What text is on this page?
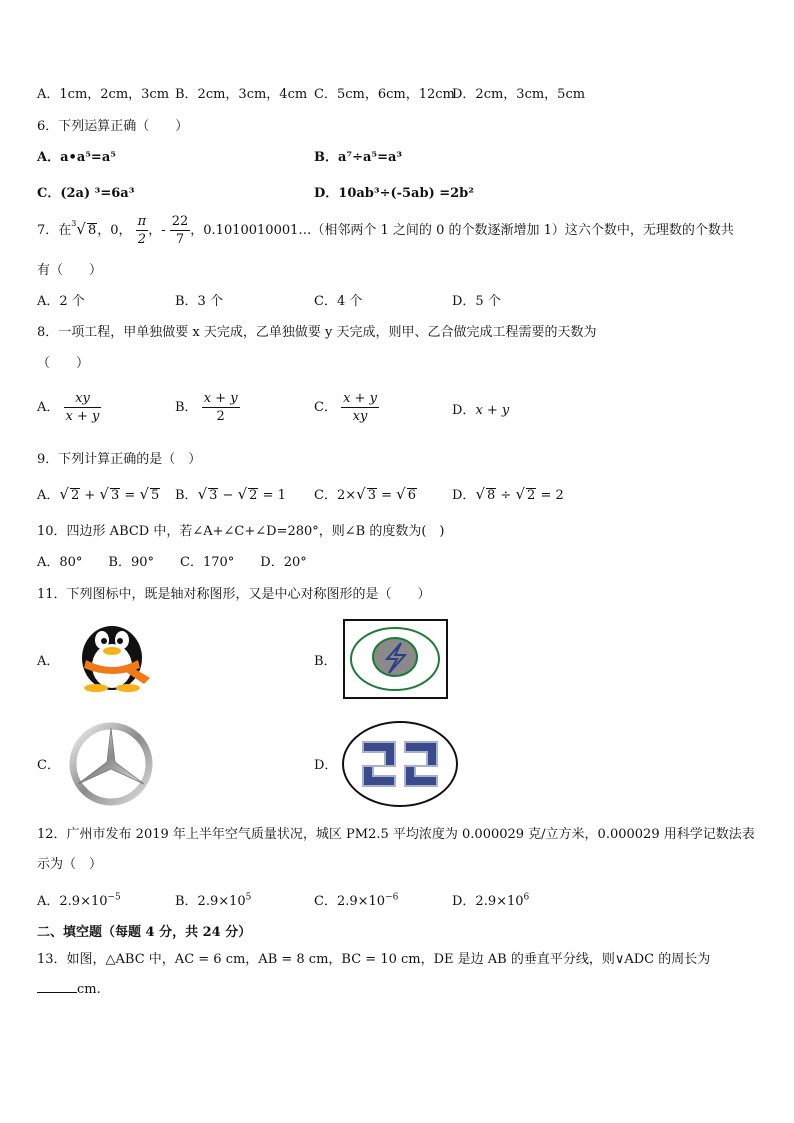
A．1cm，2cm，3cm B．2cm，3cm，4cm C．5cm，6cm，12cm
D．2cm，3cm，5cm
6．下列运算正确（　　）
A．a•a⁵=a⁵	B．a⁷÷a⁵=a³
C．(2a) ³=6a³	D．10ab³÷(-5ab) =2b²
7．在$^3$√ 8，0， $\frac{\pi}{2}$ ，- $\frac{22}{7}$ ，0.1010010001…（相邻两个 1 之间的 0 的个数逐渐增加 1）这六个数中，无理数的个数共
有（　　）
A．2 个	B．3 个	C．4 个	D．5 个
8．一项工程，甲单独做要 x 天完成，乙单独做要 y 天完成，则甲、乙合做完成工程需要的天数为
（　　）
A． $\frac{xy}{x + y}$	B． $\frac{x + y}{2}$	C． $\frac{x + y}{xy}$	D．x + y
9．下列计算正确的是（　）
A．√ 2 + √ 3 = √ 5 B．√ 3 − √ 2 = 1 C．2×√ 3 = √ 6	D．√ 8 ÷ √ 2 = 2
10．四边形 ABCD 中，若∠A+∠C+∠D=280°，则∠B 的度数为(　)
A．80°　　B．90°　　C．170°　　D．20°
11．下列图标中，既是轴对称图形，又是中心对称图形的是（　　）
A．	B．
C．	D．
12．广州市发布 2019 年上半年空气质量状况，城区 PM2.5 平均浓度为 0.000029 克/立方米，0.000029 用科学记数法表
示为（　）
A．$2.9\times 10^{-5}$	B．$2.9\times 10^5$	C．$2.9\times 10^{-6}$	D．$2.9\times 10^6$
二、填空题（每题 4 分，共 24 分）
13．如图，△ABC 中，AC = 6 cm，AB = 8 cm，BC = 10 cm，DE 是边 AB 的垂直平分线，则∨ADC 的周长为
cm.
